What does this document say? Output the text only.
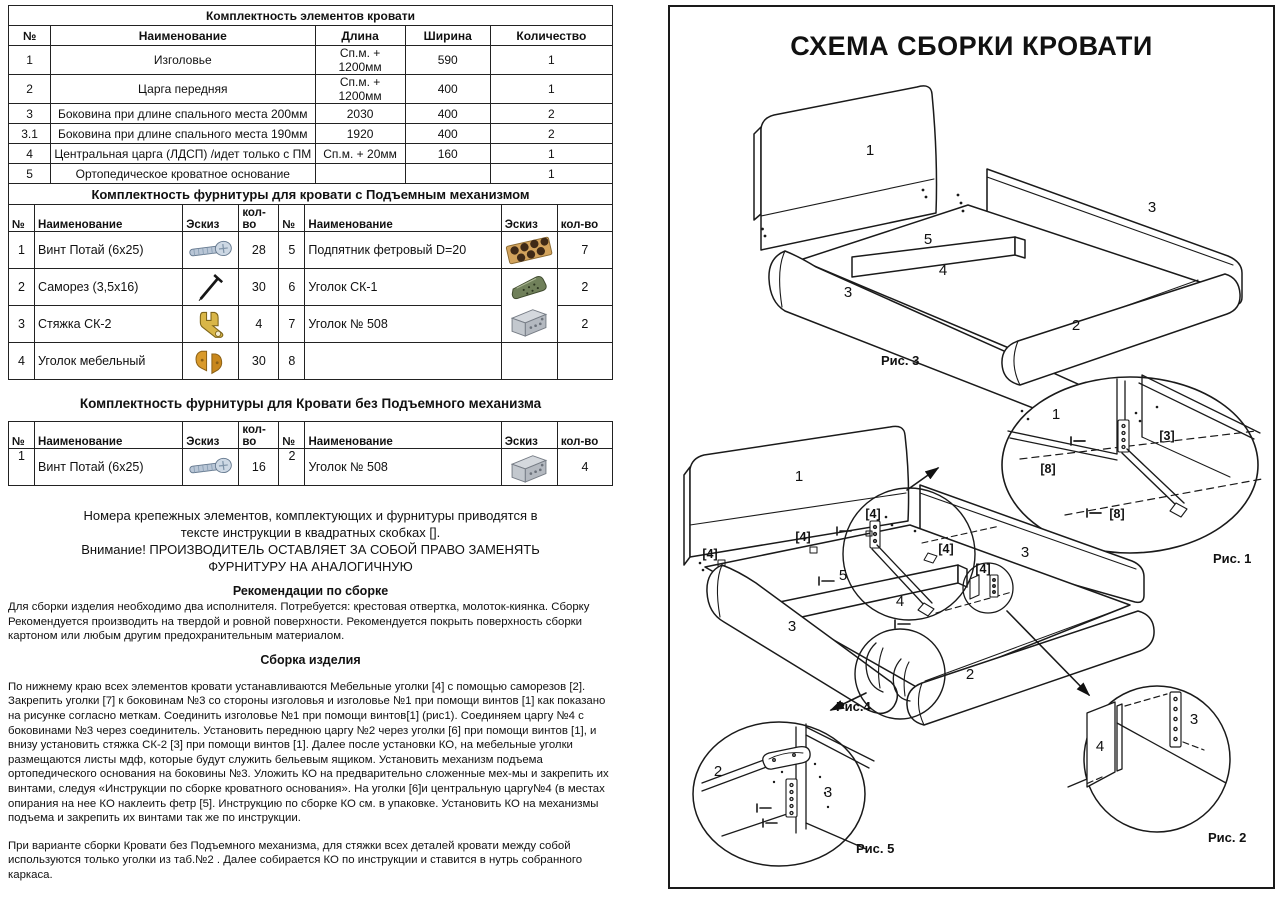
Комплектность элементов кровати				
№	Наименование	Длина	Ширина	Количество
1	Изголовье	Сп.м. + 1200мм	590	1
2	Царга передняя	Сп.м. + 1200мм	400	1
3	Боковина при длине спального места 200мм	2030	400	2
3.1	Боковина при длине спального места 190мм	1920	400	2
4	Центральная царга (ЛДСП) /идет только с ПМ	Сп.м. + 20мм	160	1
5	Ортопедическое кроватное основание			1
Комплектность фурнитуры для кровати с Подъемным механизмом							
№	Наименование	Эскиз	кол-во	№	Наименование	Эскиз	кол-во
1	Винт Потай (6х25)		28	5	Подпятник фетровый D=20		7
2	Саморез (3,5х16)		30	6	Уголок СК-1		2
3	Стяжка СК-2		4	7	Уголок № 508		2
4	Уголок мебельный		30	8			
Комплектность фурнитуры для Кровати без Подъемного механизма
№	Наименование	Эскиз	кол-во	№	Наименование	Эскиз	кол-во
1	Винт Потай (6x25)		16	2	Уголок № 508		4
Номера крепежных элементов, комплектующих и фурнитуры приводятся в
тексте инструкции в квадратных скобках [].
Внимание! ПРОИЗВОДИТЕЛЬ ОСТАВЛЯЕТ ЗА СОБОЙ ПРАВО ЗАМЕНЯТЬ
ФУРНИТУРУ НА АНАЛОГИЧНУЮ
Рекомендации по сборке

Для сборки изделия необходимо два исполнителя. Потребуется: крестовая отвертка, молоток-киянка. Сборку Рекомендуется производить на твердой и ровной поверхности. Рекомендуется покрыть поверхность сборки картоном или любым другим предохранительным материалом.

Сборка изделия

По нижнему краю всех элементов кровати устанавливаются Мебельные уголки [4] с помощью саморезов [2]. Закрепить уголки [7] к боковинам №3 со стороны изголовья и изголовье №1 при помощи винтов [1] как показано на рисунке согласно меткам. Соединить изголовье №1 при помощи винтов[1] (рис1). Соединяем царгу №4 с боковинами №3 через соединитель. Установить переднюю царгу №2 через уголки [6] при помощи винтов [1], и внизу установить стяжка СК-2 [3] при помощи винтов [1]. Далее после установки КО, на мебельные уголки размещаются листы мдф, которые будут служить бельевым ящиком. Установить механизм подъема ортопедического основания на боковины №3. Уложить КО на предварительно сложенные мех-мы и закрепить их винтами, следуя «Инструкции по сборке кроватного основания». На уголки [6]и центральную царгу№4 (в местах опирания на нее КО наклеить фетр [5]. Инструкцию по сборке КО см. в упаковке. Установить КО на механизмы подъема и закрепить их винтами так же по инструкции.

При варианте сборки Кровати без Подъемного механизма, для стяжки всех деталей кровати между собой используются только уголки из таб.№2 . Далее собирается КО по инструкции и ставится в нутрь собранного каркаса.

СХЕМА СБОРКИ КРОВАТИ
1
5
3
3
4
2
Рис. 3
1
[3]
[8]
[8]
Рис. 1
1
[4]
[4]
[4]
[4]
[4]
5
4
3
3
2
Рис.4
2
3
Рис. 5
4
3
Рис. 2
